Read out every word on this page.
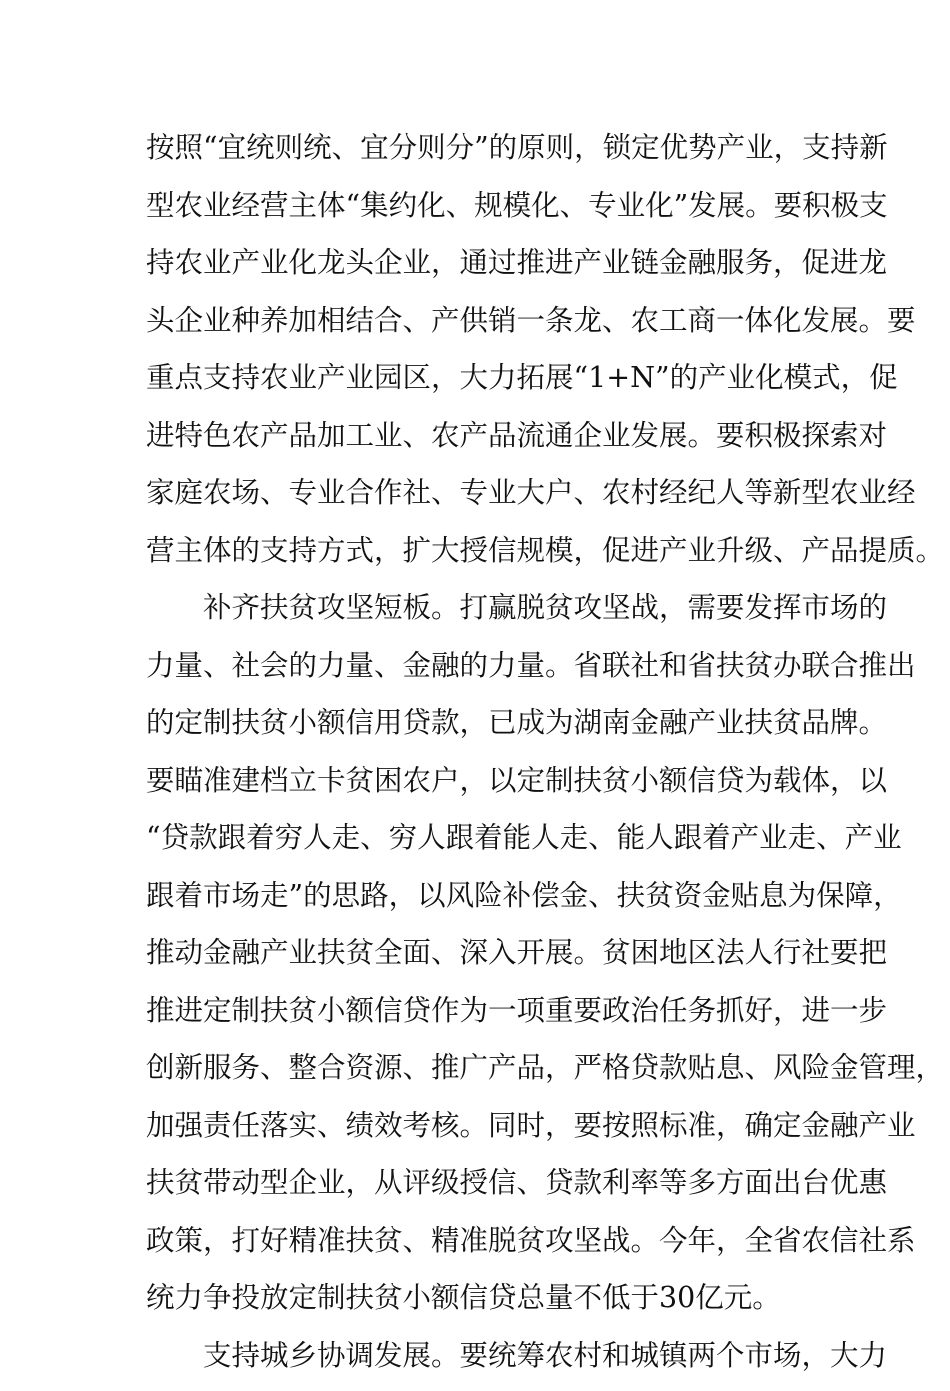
按照“宜统则统、宜分则分”的原则，锁定优势产业，支持新
型农业经营主体“集约化、规模化、专业化”发展。要积极支
持农业产业化龙头企业，通过推进产业链金融服务，促进龙
头企业种养加相结合、产供销一条龙、农工商一体化发展。要
重点支持农业产业园区，大力拓展“1+N”的产业化模式，促
进特色农产品加工业、农产品流通企业发展。要积极探索对
家庭农场、专业合作社、专业大户、农村经纪人等新型农业经
营主体的支持方式，扩大授信规模，促进产业升级、产品提质。
补齐扶贫攻坚短板。打赢脱贫攻坚战，需要发挥市场的
力量、社会的力量、金融的力量。省联社和省扶贫办联合推出
的定制扶贫小额信用贷款，已成为湖南金融产业扶贫品牌。
要瞄准建档立卡贫困农户，以定制扶贫小额信贷为载体，以
“贷款跟着穷人走、穷人跟着能人走、能人跟着产业走、产业
跟着市场走”的思路，以风险补偿金、扶贫资金贴息为保障，
推动金融产业扶贫全面、深入开展。贫困地区法人行社要把
推进定制扶贫小额信贷作为一项重要政治任务抓好，进一步
创新服务、整合资源、推广产品，严格贷款贴息、风险金管理，
加强责任落实、绩效考核。同时，要按照标准，确定金融产业
扶贫带动型企业，从评级授信、贷款利率等多方面出台优惠
政策，打好精准扶贫、精准脱贫攻坚战。今年，全省农信社系
统力争投放定制扶贫小额信贷总量不低于30亿元。
支持城乡协调发展。要统筹农村和城镇两个市场，大力
